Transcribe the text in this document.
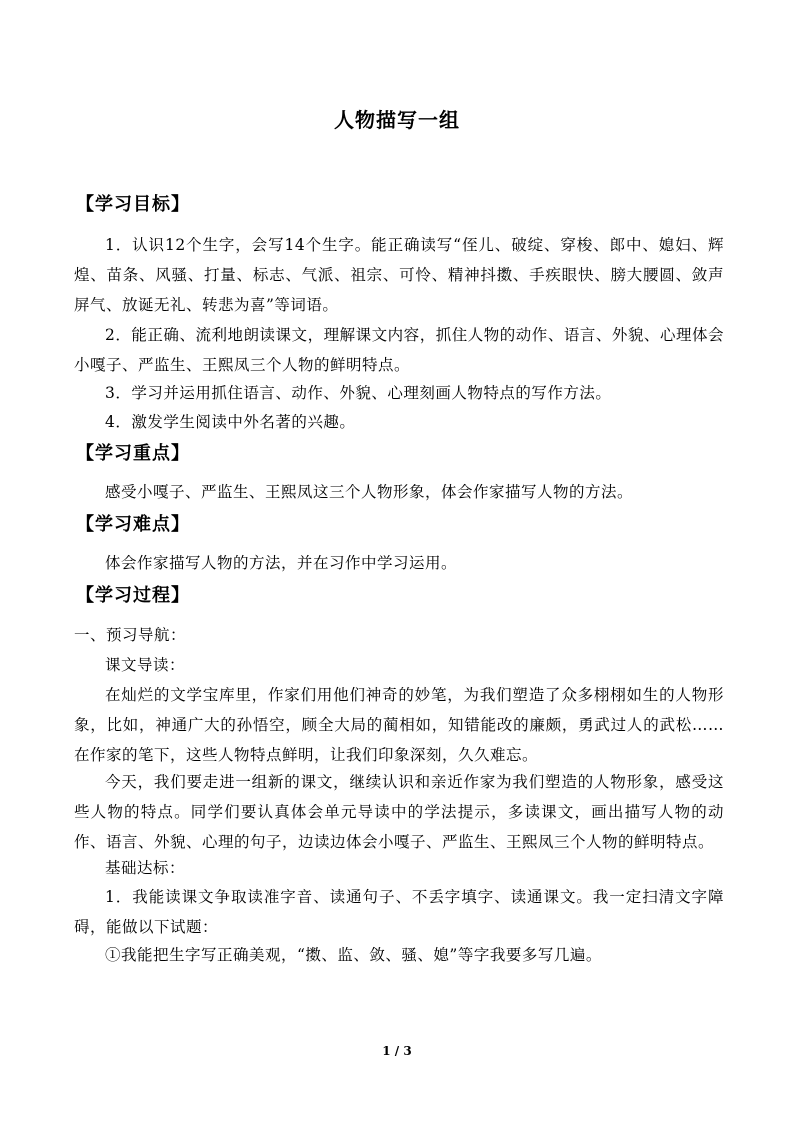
人物描写一组
【学习目标】
1．认识12个生字，会写14个生字。能正确读写“侄儿、破绽、穿梭、郎中、媳妇、辉煌、苗条、风骚、打量、标志、气派、祖宗、可怜、精神抖擞、手疾眼快、膀大腰圆、敛声屏气、放诞无礼、转悲为喜”等词语。
2．能正确、流利地朗读课文，理解课文内容，抓住人物的动作、语言、外貌、心理体会小嘎子、严监生、王熙凤三个人物的鲜明特点。
3．学习并运用抓住语言、动作、外貌、心理刻画人物特点的写作方法。
4．激发学生阅读中外名著的兴趣。
【学习重点】
感受小嘎子、严监生、王熙凤这三个人物形象，体会作家描写人物的方法。
【学习难点】
体会作家描写人物的方法，并在习作中学习运用。
【学习过程】
一、预习导航：
课文导读：
在灿烂的文学宝库里，作家们用他们神奇的妙笔，为我们塑造了众多栩栩如生的人物形象，比如，神通广大的孙悟空，顾全大局的蔺相如，知错能改的廉颇，勇武过人的武松……在作家的笔下，这些人物特点鲜明，让我们印象深刻，久久难忘。
今天，我们要走进一组新的课文，继续认识和亲近作家为我们塑造的人物形象，感受这些人物的特点。同学们要认真体会单元导读中的学法提示，多读课文，画出描写人物的动作、语言、外貌、心理的句子，边读边体会小嘎子、严监生、王熙凤三个人物的鲜明特点。
基础达标：
1．我能读课文争取读准字音、读通句子、不丢字填字、读通课文。我一定扫清文字障碍，能做以下试题：
①我能把生字写正确美观，“擞、监、敛、骚、媳”等字我要多写几遍。
1 / 3
